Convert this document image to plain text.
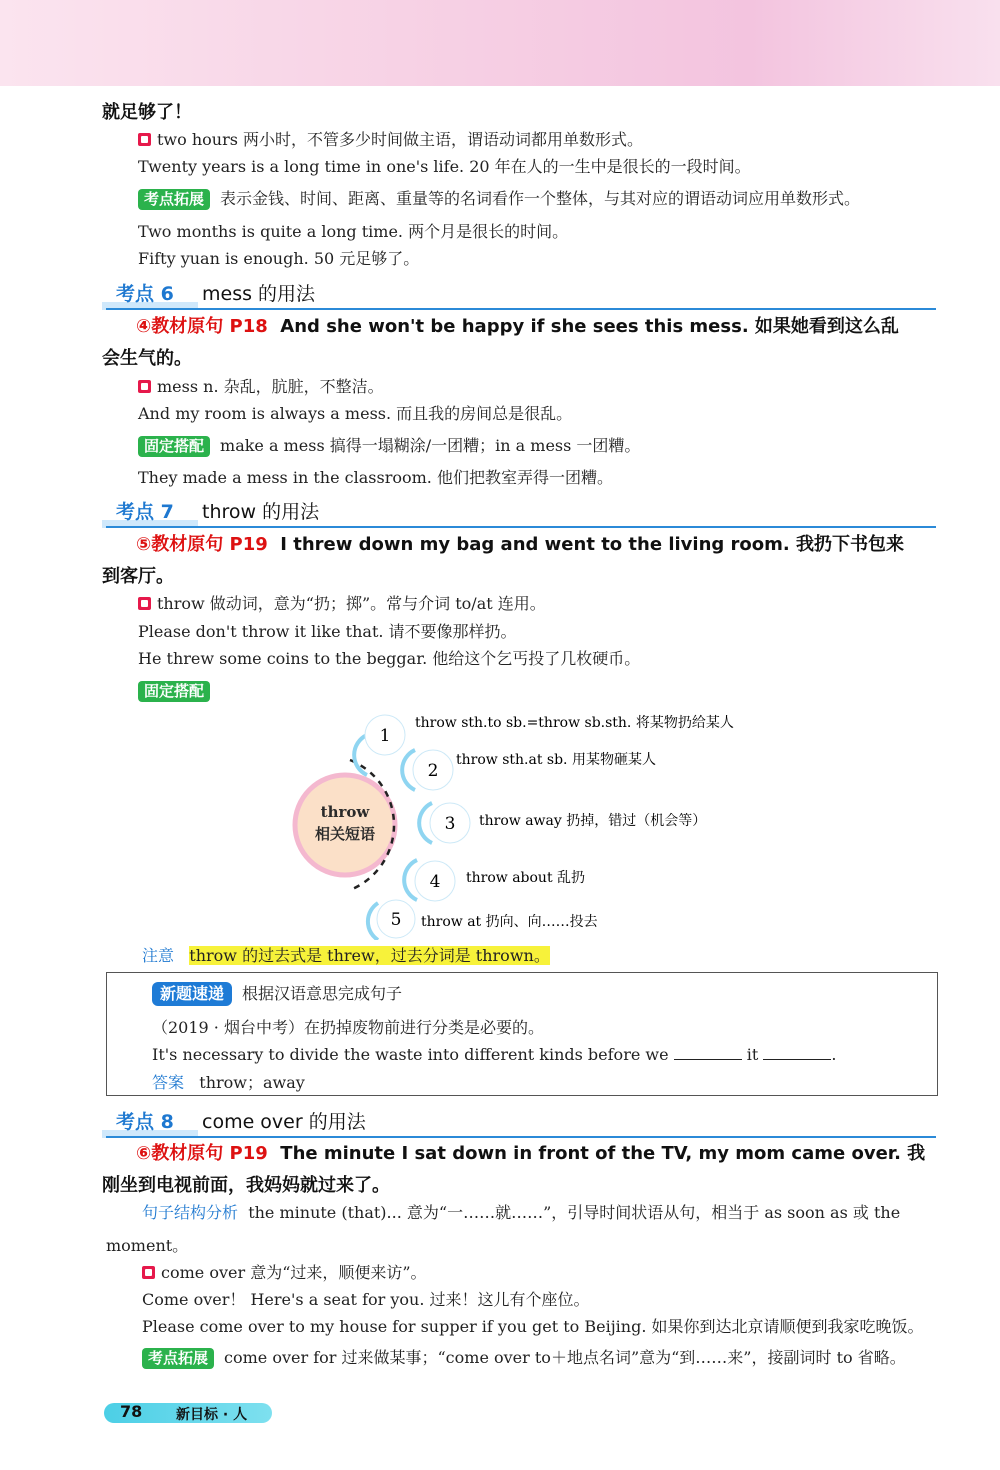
就足够了！
two hours 两小时，不管多少时间做主语，谓语动词都用单数形式。
Twenty years is a long time in one's life. 20 年在人的一生中是很长的一段时间。
考点拓展 表示金钱、时间、距离、重量等的名词看作一个整体，与其对应的谓语动词应用单数形式。
Two months is quite a long time. 两个月是很长的时间。
Fifty yuan is enough. 50 元足够了。
考点 6 mess 的用法
④教材原句 P18 And she won't be happy if she sees this mess. 如果她看到这么乱
会生气的。
mess n. 杂乱，肮脏，不整洁。
And my room is always a mess. 而且我的房间总是很乱。
固定搭配 make a mess 搞得一塌糊涂/一团糟；in a mess 一团糟。
They made a mess in the classroom. 他们把教室弄得一团糟。
考点 7 throw 的用法
⑤教材原句 P19 I threw down my bag and went to the living room. 我扔下书包来
到客厅。
throw 做动词，意为“扔；掷”。常与介词 to/at 连用。
Please don't throw it like that. 请不要像那样扔。
He threw some coins to the beggar. 他给这个乞丐投了几枚硬币。
固定搭配
throw
相关短语
1
throw sth.to sb.=throw sb.sth. 将某物扔给某人
2
throw sth.at sb. 用某物砸某人
3 throw away 扔掉，错过（机会等）
4 throw about 乱扔
5 throw at 扔向、向……投去
注意 throw 的过去式是 threw，过去分词是 thrown。
新题速递 根据汉语意思完成句子
（2019 · 烟台中考）在扔掉废物前进行分类是必要的。
It's necessary to divide the waste into different kinds before we	it	.
答案 throw；away
考点 8 come over 的用法
⑥教材原句 P19 The minute I sat down in front of the TV, my mom came over. 我
刚坐到电视前面，我妈妈就过来了。
句子结构分析 the minute (that)... 意为“一……就……”，引导时间状语从句，相当于 as soon as 或 the
moment。
come over 意为“过来，顺便来访”。
Come over！ Here's a seat for you. 过来！这儿有个座位。
Please come over to my house for supper if you get to Beijing. 如果你到达北京请顺便到我家吃晚饭。
考点拓展 come over for 过来做某事；“come over to＋地点名词”意为“到……来”，接副词时 to 省略。
78 新目标 · 人
